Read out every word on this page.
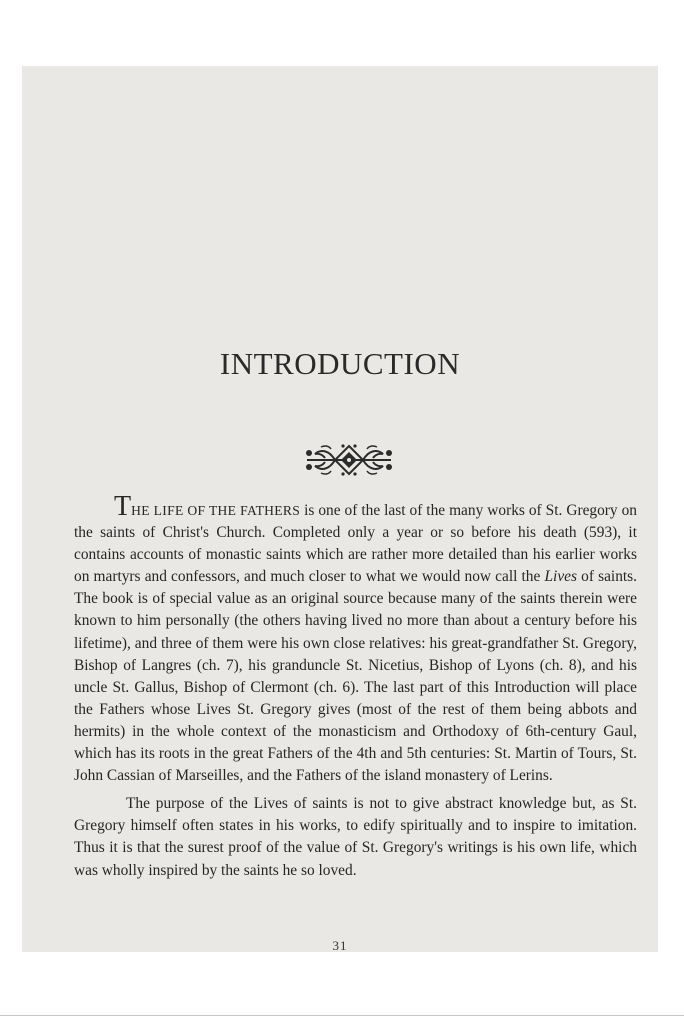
INTRODUCTION

THE LIFE OF THE FATHERS is one of the last of the many works of St. Gregory on the saints of Christ's Church. Completed only a year or so before his death (593), it contains accounts of monastic saints which are rather more detailed than his earlier works on martyrs and confessors, and much closer to what we would now call the Lives of saints. The book is of special value as an original source because many of the saints therein were known to him personally (the others having lived no more than about a century before his lifetime), and three of them were his own close relatives: his great-grandfather St. Gregory, Bishop of Langres (ch. 7), his granduncle St. Nicetius, Bishop of Lyons (ch. 8), and his uncle St. Gallus, Bishop of Clermont (ch. 6). The last part of this Introduction will place the Fathers whose Lives St. Gregory gives (most of the rest of them being abbots and hermits) in the whole context of the monasticism and Orthodoxy of 6th-century Gaul, which has its roots in the great Fathers of the 4th and 5th centuries: St. Martin of Tours, St. John Cassian of Marseilles, and the Fathers of the island monastery of Lerins.

The purpose of the Lives of saints is not to give abstract knowledge but, as St. Gregory himself often states in his works, to edify spiritually and to inspire to imitation. Thus it is that the surest proof of the value of St. Gregory's writings is his own life, which was wholly inspired by the saints he so loved.

31
